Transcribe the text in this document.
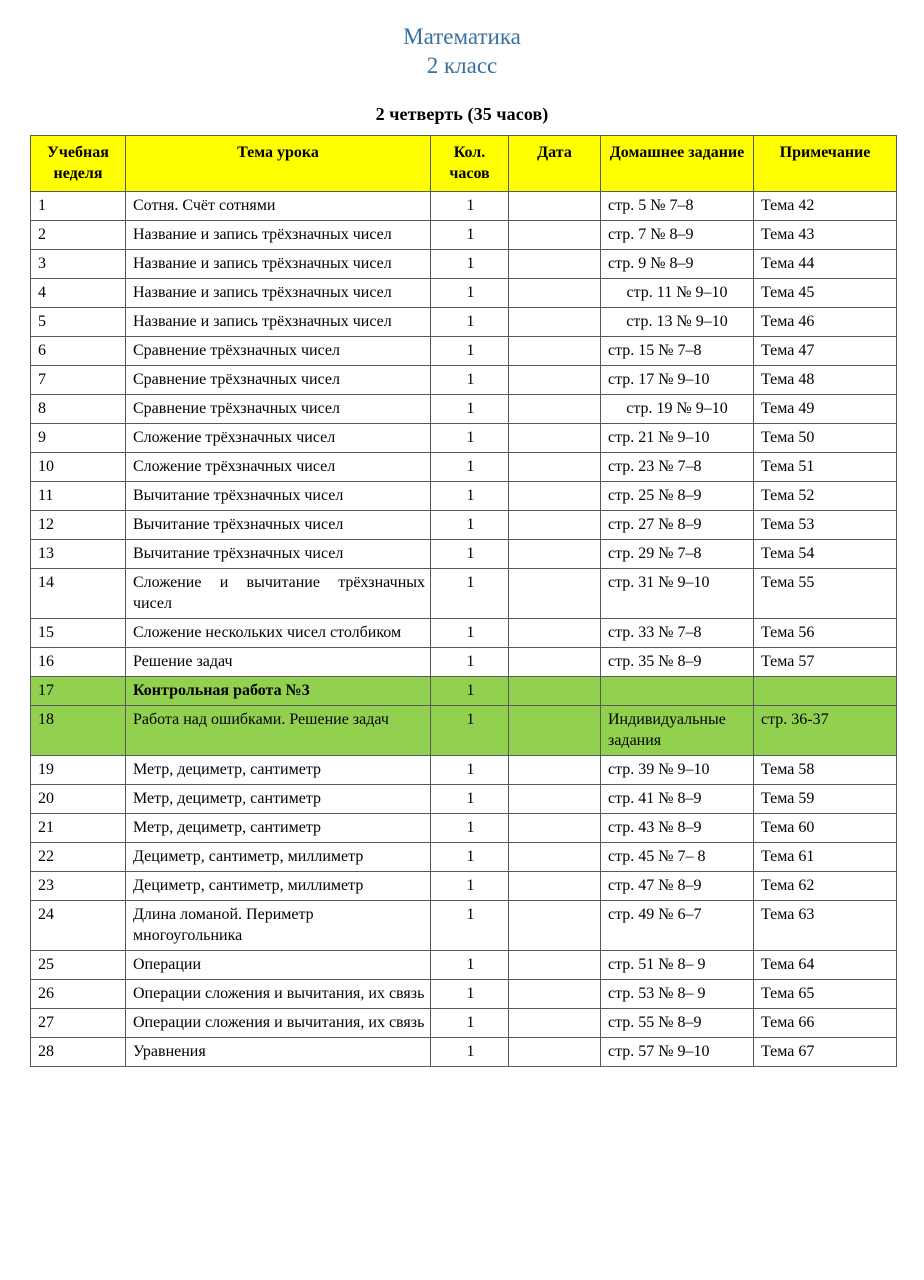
Математика
2 класс
2 четверть (35 часов)
Учебная неделя	Тема урока	Кол. часов	Дата	Домашнее задание	Примечание
1	Сотня. Счёт сотнями	1		стр. 5 № 7–8	Тема 42
2	Название и запись трёхзначных чисел	1		стр. 7 № 8–9	Тема 43
3	Название и запись трёхзначных чисел	1		стр. 9 № 8–9	Тема 44
4	Название и запись трёхзначных чисел	1		стр. 11 № 9–10	Тема 45
5	Название и запись трёхзначных чисел	1		стр. 13 № 9–10	Тема 46
6	Сравнение трёхзначных чисел	1		стр. 15 № 7–8	Тема 47
7	Сравнение трёхзначных чисел	1		стр. 17 № 9–10	Тема 48
8	Сравнение трёхзначных чисел	1		стр. 19 № 9–10	Тема 49
9	Сложение трёхзначных чисел	1		стр. 21 № 9–10	Тема 50
10	Сложение трёхзначных чисел	1		стр. 23 № 7–8	Тема 51
11	Вычитание трёхзначных чисел	1		стр. 25 № 8–9	Тема 52
12	Вычитание трёхзначных чисел	1		стр. 27 № 8–9	Тема 53
13	Вычитание трёхзначных чисел	1		стр. 29 № 7–8	Тема 54
14	Сложение и вычитание трёхзначных чисел	1		стр. 31 № 9–10	Тема 55
15	Сложение нескольких чисел столбиком	1		стр. 33 № 7–8	Тема 56
16	Решение задач	1		стр. 35 № 8–9	Тема 57
17	Контрольная работа №3	1			
18	Работа над ошибками. Решение задач	1		Индивидуальные задания	стр. 36-37
19	Метр, дециметр, сантиметр	1		стр. 39 № 9–10	Тема 58
20	Метр, дециметр, сантиметр	1		стр. 41 № 8–9	Тема 59
21	Метр, дециметр, сантиметр	1		стр. 43 № 8–9	Тема 60
22	Дециметр, сантиметр, миллиметр	1		стр. 45 № 7– 8	Тема 61
23	Дециметр, сантиметр, миллиметр	1		стр. 47 № 8–9	Тема 62
24	Длина ломаной. Периметр многоугольника	1		стр. 49 № 6–7	Тема 63
25	Операции	1		стр. 51 № 8– 9	Тема 64
26	Операции сложения и вычитания, их связь	1		стр. 53 № 8– 9	Тема 65
27	Операции сложения и вычитания, их связь	1		стр. 55 № 8–9	Тема 66
28	Уравнения	1		стр. 57 № 9–10	Тема 67
